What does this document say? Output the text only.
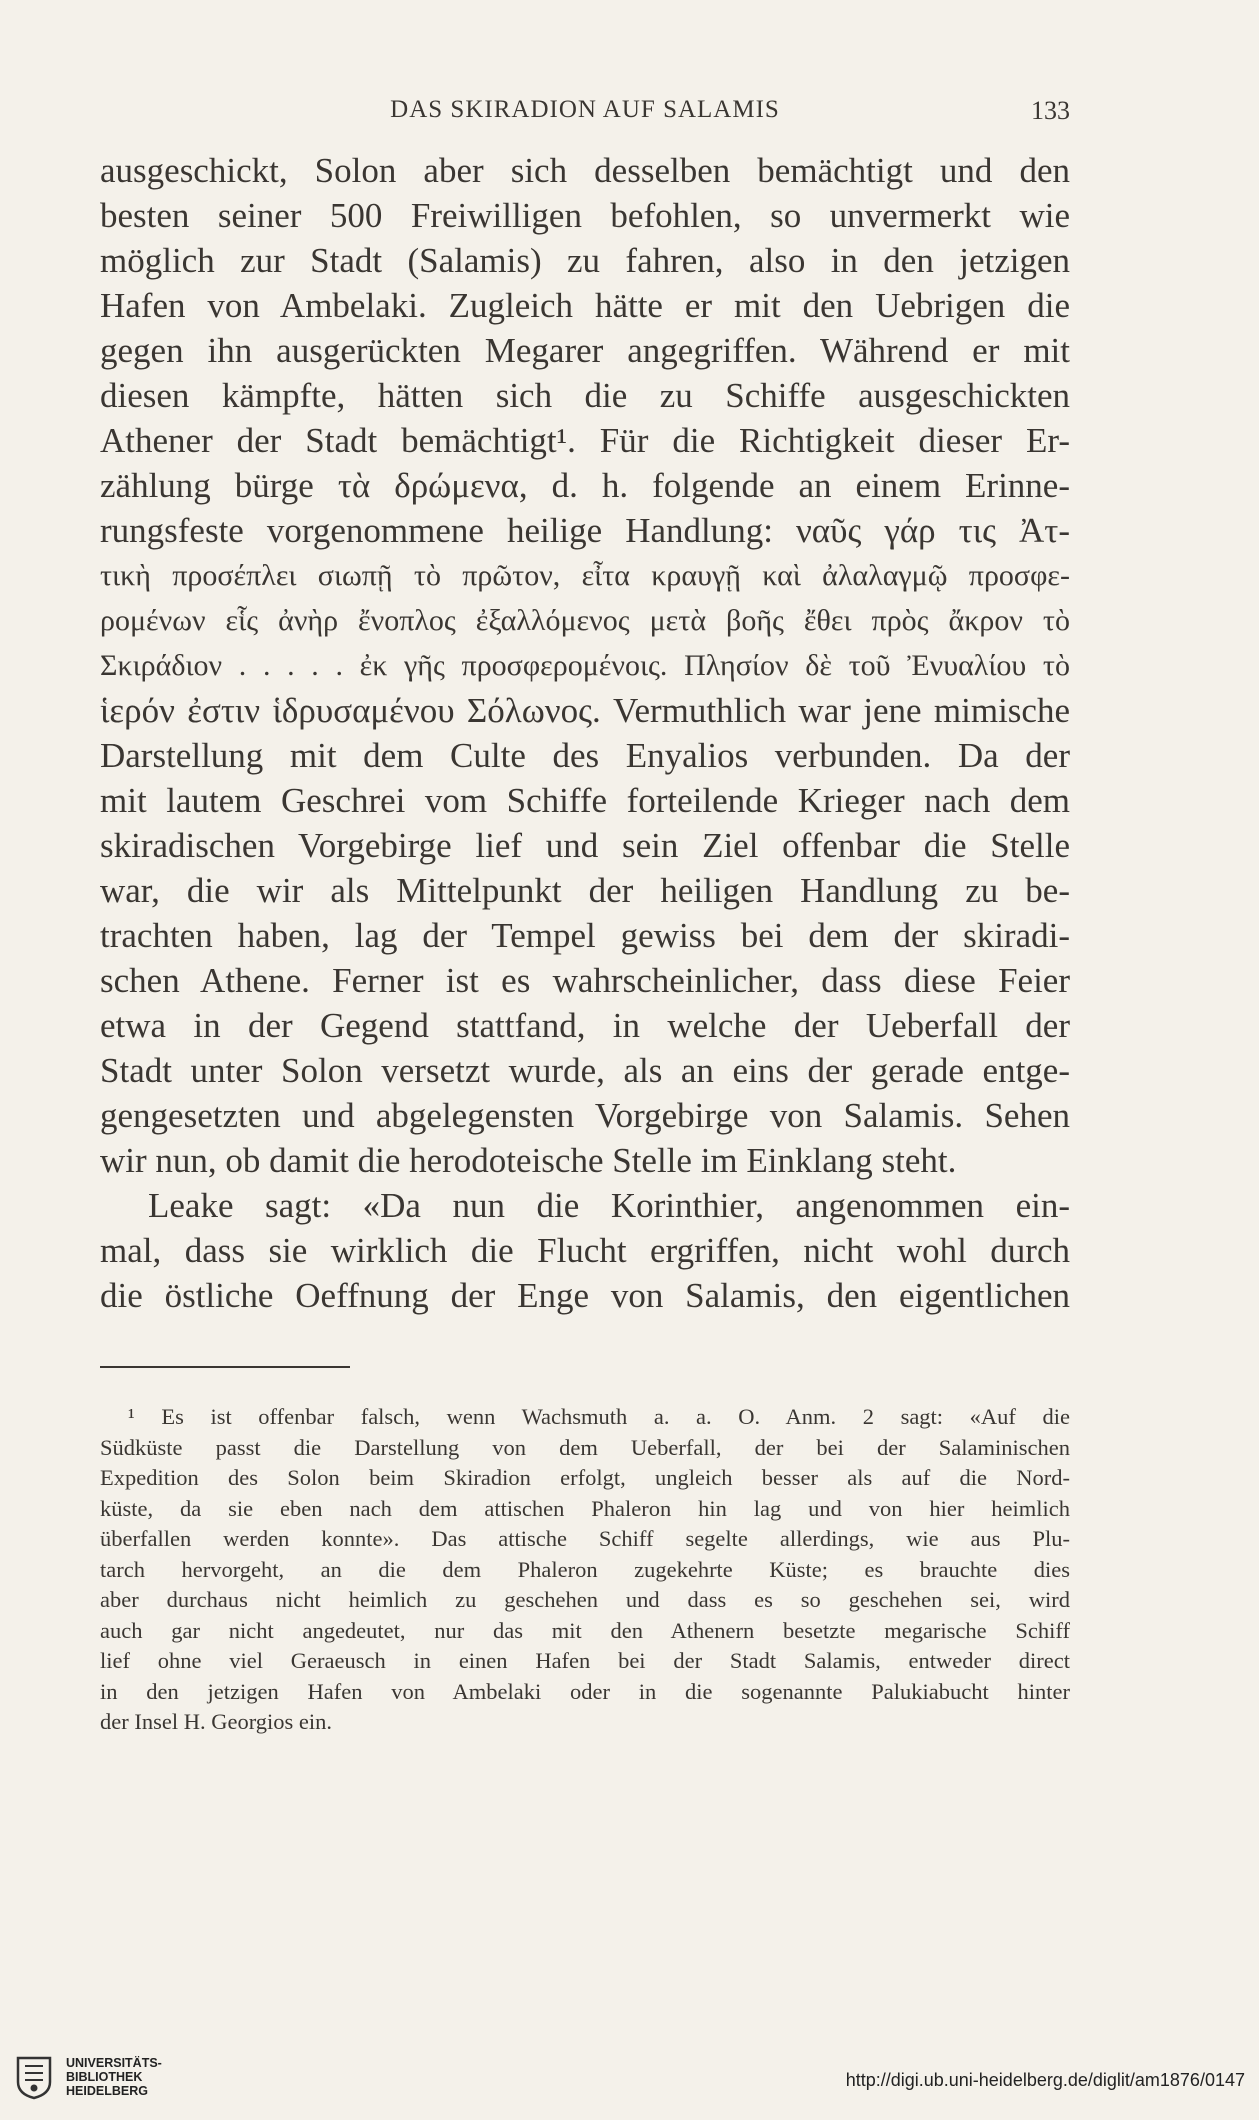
DAS SKIRADION AUF SALAMIS	133
ausgeschickt, Solon aber sich desselben bemächtigt und den
besten seiner 500 Freiwilligen befohlen, so unvermerkt wie
möglich zur Stadt (Salamis) zu fahren, also in den jetzigen
Hafen von Ambelaki. Zugleich hätte er mit den Uebrigen die
gegen ihn ausgerückten Megarer angegriffen. Während er mit
diesen kämpfte, hätten sich die zu Schiffe ausgeschickten
Athener der Stadt bemächtigt¹. Für die Richtigkeit dieser Er-
zählung bürge τὰ δρώμενα, d. h. folgende an einem Erinne-
rungsfeste vorgenommene heilige Handlung: ναῦς γάρ τις Ἀτ-
τικὴ προσέπλει σιωπῇ τὸ πρῶτον, εἶτα κραυγῇ καὶ ἀλαλαγμῷ προσφε-
ρομένων εἷς ἀνὴρ ἔνοπλος ἐξαλλόμενος μετὰ βοῆς ἔθει πρὸς ἄκρον τὸ
Σκιράδιον . . . . . ἐκ γῆς προσφερομένοις. Πλησίον δὲ τοῦ Ἐνυαλίου τὸ
ἱερόν ἐστιν ἱδρυσαμένου Σόλωνος. Vermuthlich war jene mimische
Darstellung mit dem Culte des Enyalios verbunden. Da der
mit lautem Geschrei vom Schiffe forteilende Krieger nach dem
skiradischen Vorgebirge lief und sein Ziel offenbar die Stelle
war, die wir als Mittelpunkt der heiligen Handlung zu be-
trachten haben, lag der Tempel gewiss bei dem der skiradi-
schen Athene. Ferner ist es wahrscheinlicher, dass diese Feier
etwa in der Gegend stattfand, in welche der Ueberfall der
Stadt unter Solon versetzt wurde, als an eins der gerade entge-
gengesetzten und abgelegensten Vorgebirge von Salamis. Sehen
wir nun, ob damit die herodoteische Stelle im Einklang steht.
Leake sagt: «Da nun die Korinthier, angenommen ein-
mal, dass sie wirklich die Flucht ergriffen, nicht wohl durch
die östliche Oeffnung der Enge von Salamis, den eigentlichen
¹ Es ist offenbar falsch, wenn Wachsmuth a. a. O. Anm. 2 sagt: «Auf die
Südküste passt die Darstellung von dem Ueberfall, der bei der Salaminischen
Expedition des Solon beim Skiradion erfolgt, ungleich besser als auf die Nord-
küste, da sie eben nach dem attischen Phaleron hin lag und von hier heimlich
überfallen werden konnte». Das attische Schiff segelte allerdings, wie aus Plu-
tarch hervorgeht, an die dem Phaleron zugekehrte Küste; es brauchte dies
aber durchaus nicht heimlich zu geschehen und dass es so geschehen sei, wird
auch gar nicht angedeutet, nur das mit den Athenern besetzte megarische Schiff
lief ohne viel Geraeusch in einen Hafen bei der Stadt Salamis, entweder direct
in den jetzigen Hafen von Ambelaki oder in die sogenannte Palukiabucht hinter
der Insel H. Georgios ein.
UNIVERSITÄTS-
BIBLIOTHEK
HEIDELBERG
http://digi.ub.uni-heidelberg.de/diglit/am1876/0147
